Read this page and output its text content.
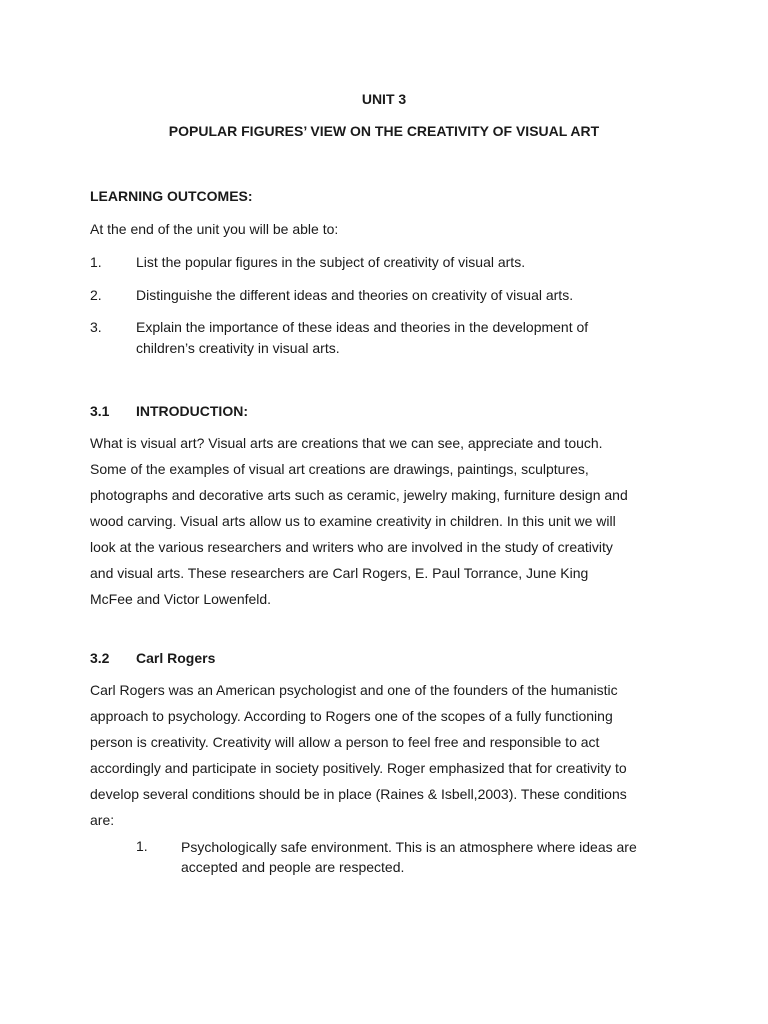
UNIT 3
POPULAR FIGURES’ VIEW ON THE CREATIVITY OF VISUAL ART
LEARNING OUTCOMES:
At the end of the unit you will be able to:
1. List the popular figures in the subject of creativity of visual arts.
2. Distinguishe the different ideas and theories on creativity of visual arts.
3. Explain the importance of these ideas and theories in the development of
children’s creativity in visual arts.
3.1 INTRODUCTION:
What is visual art? Visual arts are creations that we can see, appreciate and touch.
Some of the examples of visual art creations are drawings, paintings, sculptures,
photographs and decorative arts such as ceramic, jewelry making, furniture design and
wood carving. Visual arts allow us to examine creativity in children. In this unit we will
look at the various researchers and writers who are involved in the study of creativity
and visual arts. These researchers are Carl Rogers, E. Paul Torrance, June King
McFee and Victor Lowenfeld.
3.2 Carl Rogers
Carl Rogers was an American psychologist and one of the founders of the humanistic
approach to psychology. According to Rogers one of the scopes of a fully functioning
person is creativity. Creativity will allow a person to feel free and responsible to act
accordingly and participate in society positively. Roger emphasized that for creativity to
develop several conditions should be in place (Raines & Isbell,2003). These conditions
are:
1. Psychologically safe environment. This is an atmosphere where ideas are
accepted and people are respected.
